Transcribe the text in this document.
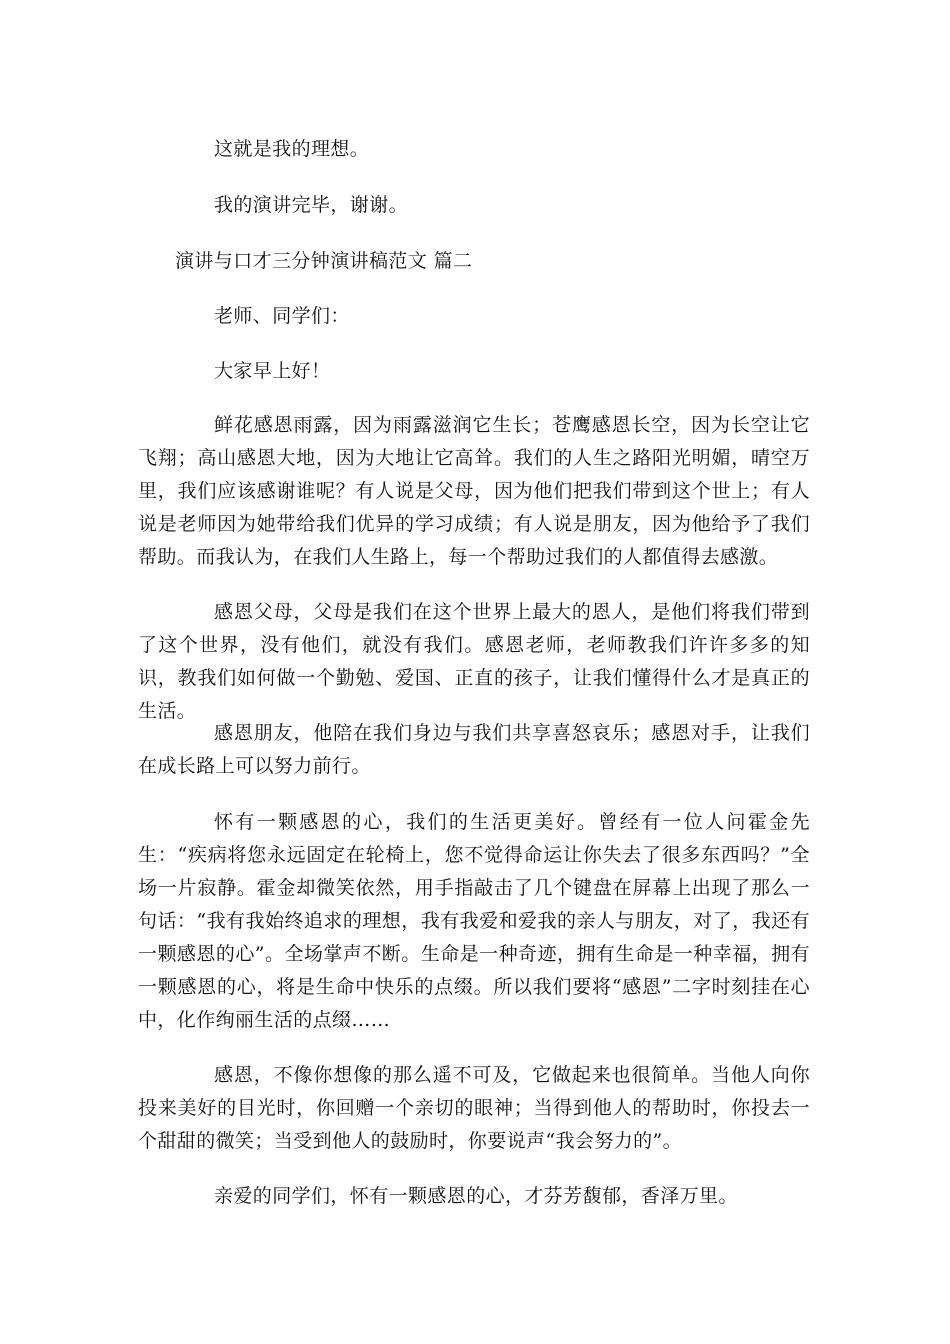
这就是我的理想。
我的演讲完毕，谢谢。
演讲与口才三分钟演讲稿范文 篇二
老师、同学们：
大家早上好！
鲜花感恩雨露，因为雨露滋润它生长；苍鹰感恩长空，因为长空让它飞翔；高山感恩大地，因为大地让它高耸。我们的人生之路阳光明媚，晴空万里，我们应该感谢谁呢？有人说是父母，因为他们把我们带到这个世上；有人说是老师因为她带给我们优异的学习成绩；有人说是朋友，因为他给予了我们帮助。而我认为，在我们人生路上，每一个帮助过我们的人都值得去感激。
感恩父母，父母是我们在这个世界上最大的恩人，是他们将我们带到了这个世界，没有他们，就没有我们。感恩老师，老师教我们许许多多的知识，教我们如何做一个勤勉、爱国、正直的孩子，让我们懂得什么才是真正的生活。
感恩朋友，他陪在我们身边与我们共享喜怒哀乐；感恩对手，让我们在成长路上可以努力前行。
怀有一颗感恩的心，我们的生活更美好。曾经有一位人问霍金先生：“疾病将您永远固定在轮椅上，您不觉得命运让你失去了很多东西吗？”全场一片寂静。霍金却微笑依然，用手指敲击了几个键盘在屏幕上出现了那么一句话：“我有我始终追求的理想，我有我爱和爱我的亲人与朋友，对了，我还有一颗感恩的心”。全场掌声不断。生命是一种奇迹，拥有生命是一种幸福，拥有一颗感恩的心，将是生命中快乐的点缀。所以我们要将“感恩”二字时刻挂在心中，化作绚丽生活的点缀……
感恩，不像你想像的那么遥不可及，它做起来也很简单。当他人向你投来美好的目光时，你回赠一个亲切的眼神；当得到他人的帮助时，你投去一个甜甜的微笑；当受到他人的鼓励时，你要说声“我会努力的”。
亲爱的同学们，怀有一颗感恩的心，才芬芳馥郁，香泽万里。
